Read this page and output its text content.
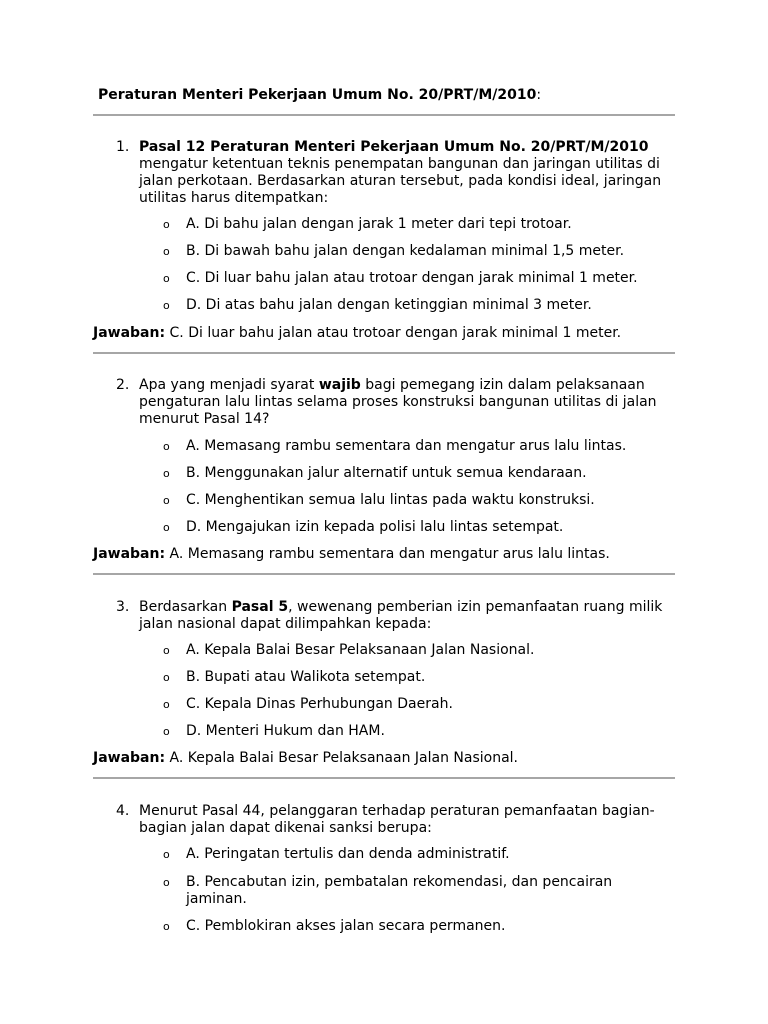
Peraturan Menteri Pekerjaan Umum No. 20/PRT/M/2010:
1. Pasal 12 Peraturan Menteri Pekerjaan Umum No. 20/PRT/M/2010 mengatur ketentuan teknis penempatan bangunan dan jaringan utilitas di jalan perkotaan. Berdasarkan aturan tersebut, pada kondisi ideal, jaringan utilitas harus ditempatkan:
o A. Di bahu jalan dengan jarak 1 meter dari tepi trotoar.
o B. Di bawah bahu jalan dengan kedalaman minimal 1,5 meter.
o C. Di luar bahu jalan atau trotoar dengan jarak minimal 1 meter.
o D. Di atas bahu jalan dengan ketinggian minimal 3 meter.
Jawaban: C. Di luar bahu jalan atau trotoar dengan jarak minimal 1 meter.
2. Apa yang menjadi syarat wajib bagi pemegang izin dalam pelaksanaan pengaturan lalu lintas selama proses konstruksi bangunan utilitas di jalan menurut Pasal 14?
o A. Memasang rambu sementara dan mengatur arus lalu lintas.
o B. Menggunakan jalur alternatif untuk semua kendaraan.
o C. Menghentikan semua lalu lintas pada waktu konstruksi.
o D. Mengajukan izin kepada polisi lalu lintas setempat.
Jawaban: A. Memasang rambu sementara dan mengatur arus lalu lintas.
3. Berdasarkan Pasal 5, wewenang pemberian izin pemanfaatan ruang milik jalan nasional dapat dilimpahkan kepada:
o A. Kepala Balai Besar Pelaksanaan Jalan Nasional.
o B. Bupati atau Walikota setempat.
o C. Kepala Dinas Perhubungan Daerah.
o D. Menteri Hukum dan HAM.
Jawaban: A. Kepala Balai Besar Pelaksanaan Jalan Nasional.
4. Menurut Pasal 44, pelanggaran terhadap peraturan pemanfaatan bagian-bagian jalan dapat dikenai sanksi berupa:
o A. Peringatan tertulis dan denda administratif.
o B. Pencabutan izin, pembatalan rekomendasi, dan pencairan jaminan.
o C. Pemblokiran akses jalan secara permanen.
